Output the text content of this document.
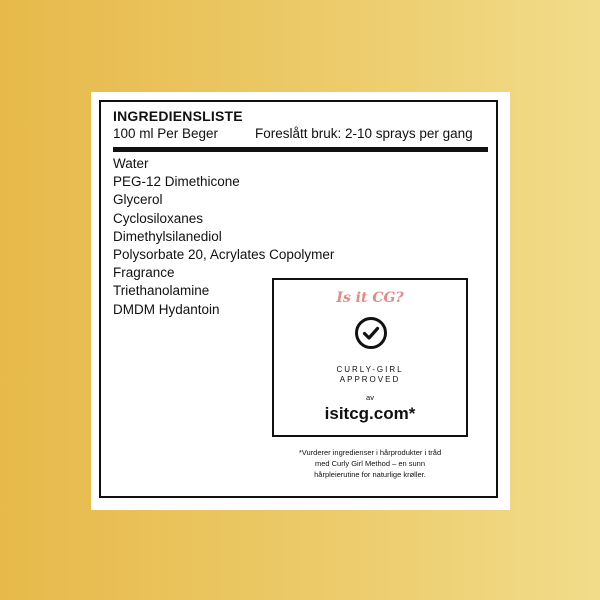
INGREDIENSLISTE
100 ml Per Beger	Foreslått bruk: 2-10 sprays per gang
Water
PEG-12 Dimethicone
Glycerol
Cyclosiloxanes
Dimethylsilanediol
Polysorbate 20, Acrylates Copolymer
Fragrance
Triethanolamine
DMDM Hydantoin
Is it CG?
CURLY-GIRL
APPROVED
av
isitcg.com*
*Vurderer ingredienser i hårprodukter i tråd
med Curly Girl Method – en sunn
hårpleierutine for naturlige krøller.
